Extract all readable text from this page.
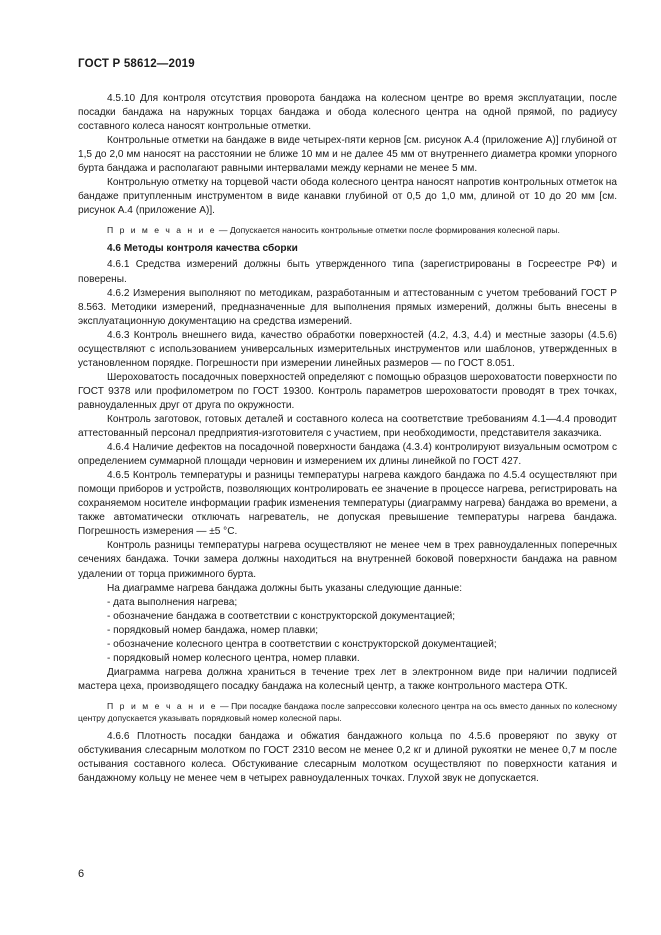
ГОСТ Р 58612—2019

4.5.10 Для контроля отсутствия проворота бандажа на колесном центре во время эксплуатации, после посадки бандажа на наружных торцах бандажа и обода колесного центра на одной прямой, по радиусу составного колеса наносят контрольные отметки.

Контрольные отметки на бандаже в виде четырех-пяти кернов [см. рисунок А.4 (приложение А)] глубиной от 1,5 до 2,0 мм наносят на расстоянии не ближе 10 мм и не далее 45 мм от внутреннего диаметра кромки упорного бурта бандажа и располагают равными интервалами между кернами не менее 5 мм.

Контрольную отметку на торцевой части обода колесного центра наносят напротив контрольных отметок на бандаже притупленным инструментом в виде канавки глубиной от 0,5 до 1,0 мм, длиной от 10 до 20 мм [см. рисунок А.4 (приложение А)].

П р и м е ч а н и е — Допускается наносить контрольные отметки после формирования колесной пары.

4.6 Методы контроля качества сборки

4.6.1 Средства измерений должны быть утвержденного типа (зарегистрированы в Госреестре РФ) и поверены.

4.6.2 Измерения выполняют по методикам, разработанным и аттестованным с учетом требований ГОСТ Р 8.563. Методики измерений, предназначенные для выполнения прямых измерений, должны быть внесены в эксплуатационную документацию на средства измерений.

4.6.3 Контроль внешнего вида, качество обработки поверхностей (4.2, 4.3, 4.4) и местные зазоры (4.5.6) осуществляют с использованием универсальных измерительных инструментов или шаблонов, утвержденных в установленном порядке. Погрешности при измерении линейных размеров — по ГОСТ 8.051.

Шероховатость посадочных поверхностей определяют с помощью образцов шероховатости поверхности по ГОСТ 9378 или профилометром по ГОСТ 19300. Контроль параметров шероховатости проводят в трех точках, равноудаленных друг от друга по окружности.

Контроль заготовок, готовых деталей и составного колеса на соответствие требованиям 4.1—4.4 проводит аттестованный персонал предприятия-изготовителя с участием, при необходимости, представителя заказчика.

4.6.4 Наличие дефектов на посадочной поверхности бандажа (4.3.4) контролируют визуальным осмотром с определением суммарной площади черновин и измерением их длины линейкой по ГОСТ 427.

4.6.5 Контроль температуры и разницы температуры нагрева каждого бандажа по 4.5.4 осуществляют при помощи приборов и устройств, позволяющих контролировать ее значение в процессе нагрева, регистрировать на сохраняемом носителе информации график изменения температуры (диаграмму нагрева) бандажа во времени, а также автоматически отключать нагреватель, не допуская превышение температуры нагрева бандажа. Погрешность измерения — ±5 °С.

Контроль разницы температуры нагрева осуществляют не менее чем в трех равноудаленных поперечных сечениях бандажа. Точки замера должны находиться на внутренней боковой поверхности бандажа на равном удалении от торца прижимного бурта.

На диаграмме нагрева бандажа должны быть указаны следующие данные:

- дата выполнения нагрева;
- обозначение бандажа в соответствии с конструкторской документацией;
- порядковый номер бандажа, номер плавки;
- обозначение колесного центра в соответствии с конструкторской документацией;
- порядковый номер колесного центра, номер плавки.

Диаграмма нагрева должна храниться в течение трех лет в электронном виде при наличии подписей мастера цеха, производящего посадку бандажа на колесный центр, а также контрольного мастера ОТК.

П р и м е ч а н и е — При посадке бандажа после запрессовки колесного центра на ось вместо данных по колесному центру допускается указывать порядковый номер колесной пары.

4.6.6 Плотность посадки бандажа и обжатия бандажного кольца по 4.5.6 проверяют по звуку от обстукивания слесарным молотком по ГОСТ 2310 весом не менее 0,2 кг и длиной рукоятки не менее 0,7 м после остывания составного колеса. Обстукивание слесарным молотком осуществляют по поверхности катания и бандажному кольцу не менее чем в четырех равноудаленных точках. Глухой звук не допускается.

6
